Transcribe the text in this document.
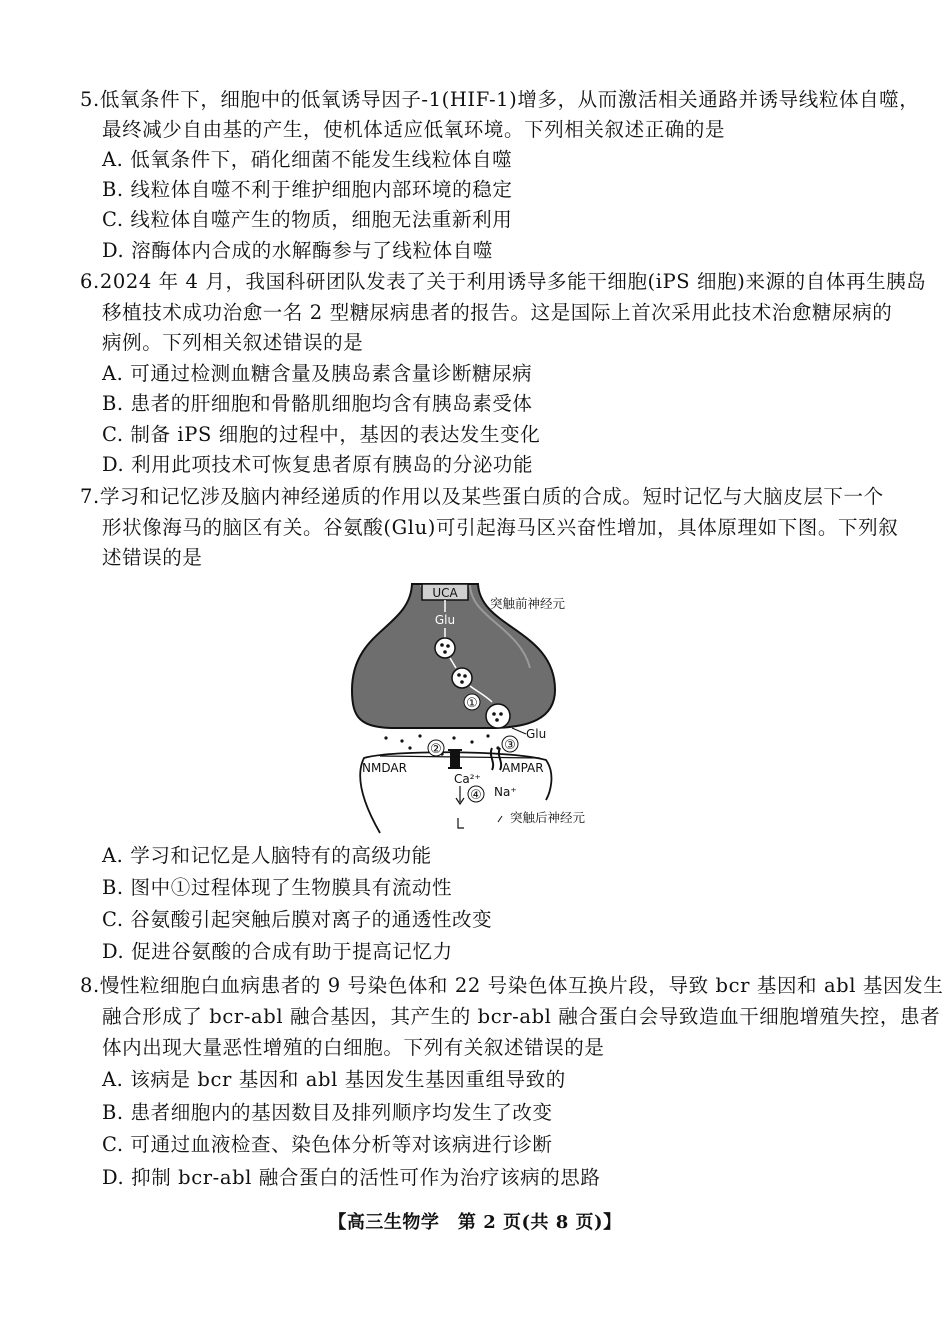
5.低氧条件下，细胞中的低氧诱导因子-1(HIF-1)增多，从而激活相关通路并诱导线粒体自噬，
最终减少自由基的产生，使机体适应低氧环境。下列相关叙述正确的是
A. 低氧条件下，硝化细菌不能发生线粒体自噬
B. 线粒体自噬不利于维护细胞内部环境的稳定
C. 线粒体自噬产生的物质，细胞无法重新利用
D. 溶酶体内合成的水解酶参与了线粒体自噬
6.2024 年 4 月，我国科研团队发表了关于利用诱导多能干细胞(iPS 细胞)来源的自体再生胰岛
移植技术成功治愈一名 2 型糖尿病患者的报告。这是国际上首次采用此技术治愈糖尿病的
病例。下列相关叙述错误的是
A. 可通过检测血糖含量及胰岛素含量诊断糖尿病
B. 患者的肝细胞和骨骼肌细胞均含有胰岛素受体
C. 制备 iPS 细胞的过程中，基因的表达发生变化
D. 利用此项技术可恢复患者原有胰岛的分泌功能
7.学习和记忆涉及脑内神经递质的作用以及某些蛋白质的合成。短时记忆与大脑皮层下一个
形状像海马的脑区有关。谷氨酸(Glu)可引起海马区兴奋性增加，具体原理如下图。下列叙
述错误的是
UCA
Glu
①
突触前神经元
Glu
②	③
NMDAR	AMPAR
Ca²⁺
④ Na⁺
突触后神经元
A. 学习和记忆是人脑特有的高级功能
B. 图中①过程体现了生物膜具有流动性
C. 谷氨酸引起突触后膜对离子的通透性改变
D. 促进谷氨酸的合成有助于提高记忆力
8.慢性粒细胞白血病患者的 9 号染色体和 22 号染色体互换片段，导致 bcr 基因和 abl 基因发生
融合形成了 bcr-abl 融合基因，其产生的 bcr-abl 融合蛋白会导致造血干细胞增殖失控，患者
体内出现大量恶性增殖的白细胞。下列有关叙述错误的是
A. 该病是 bcr 基因和 abl 基因发生基因重组导致的
B. 患者细胞内的基因数目及排列顺序均发生了改变
C. 可通过血液检查、染色体分析等对该病进行诊断
D. 抑制 bcr-abl 融合蛋白的活性可作为治疗该病的思路
【高三生物学　第 2 页(共 8 页)】
